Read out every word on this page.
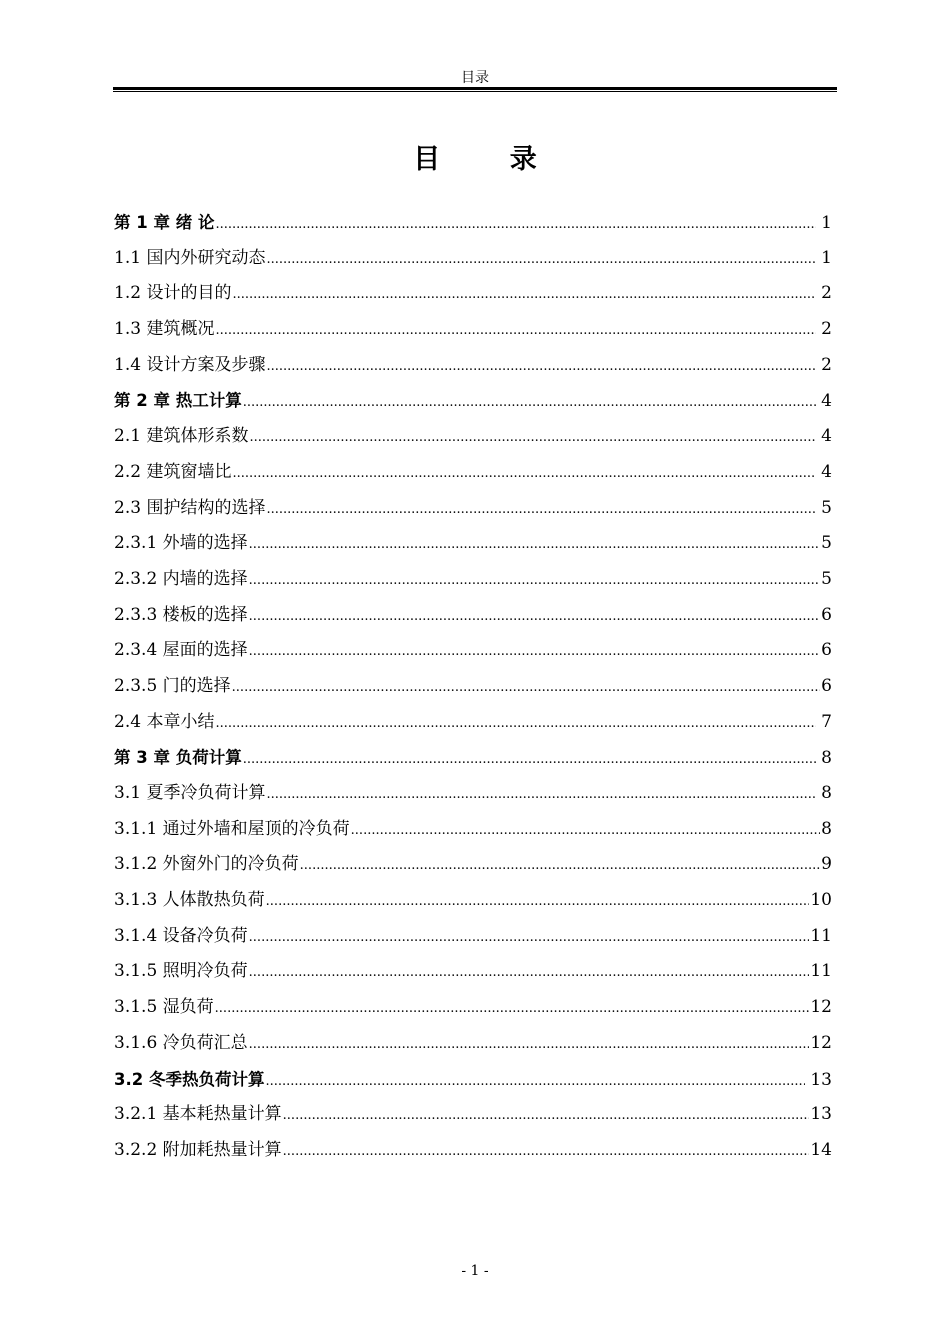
目录
目 录
第 1 章 绪 论 .....	1
1.1 国内外研究动态 .....	1
1.2 设计的目的 .....	2
1.3 建筑概况 .....	2
1.4 设计方案及步骤 .....	2
第 2 章 热工计算 .....	4
2.1 建筑体形系数 .....	4
2.2 建筑窗墙比 .....	4
2.3 围护结构的选择 .....	5
2.3.1 外墙的选择 .....	5
2.3.2 内墙的选择 .....	5
2.3.3 楼板的选择 .....	6
2.3.4 屋面的选择 .....	6
2.3.5 门的选择 .....	6
2.4 本章小结 .....	7
第 3 章 负荷计算 .....	8
3.1 夏季冷负荷计算 .....	8
3.1.1 通过外墙和屋顶的冷负荷 .....	8
3.1.2 外窗外门的冷负荷 .....	9
3.1.3 人体散热负荷 .....	10
3.1.4 设备冷负荷 .....	11
3.1.5 照明冷负荷 .....	11
3.1.5 湿负荷 .....	12
3.1.6 冷负荷汇总 .....	12
3.2 冬季热负荷计算 .....	13
3.2.1 基本耗热量计算 .....	13
3.2.2 附加耗热量计算 .....	14
- 1 -
